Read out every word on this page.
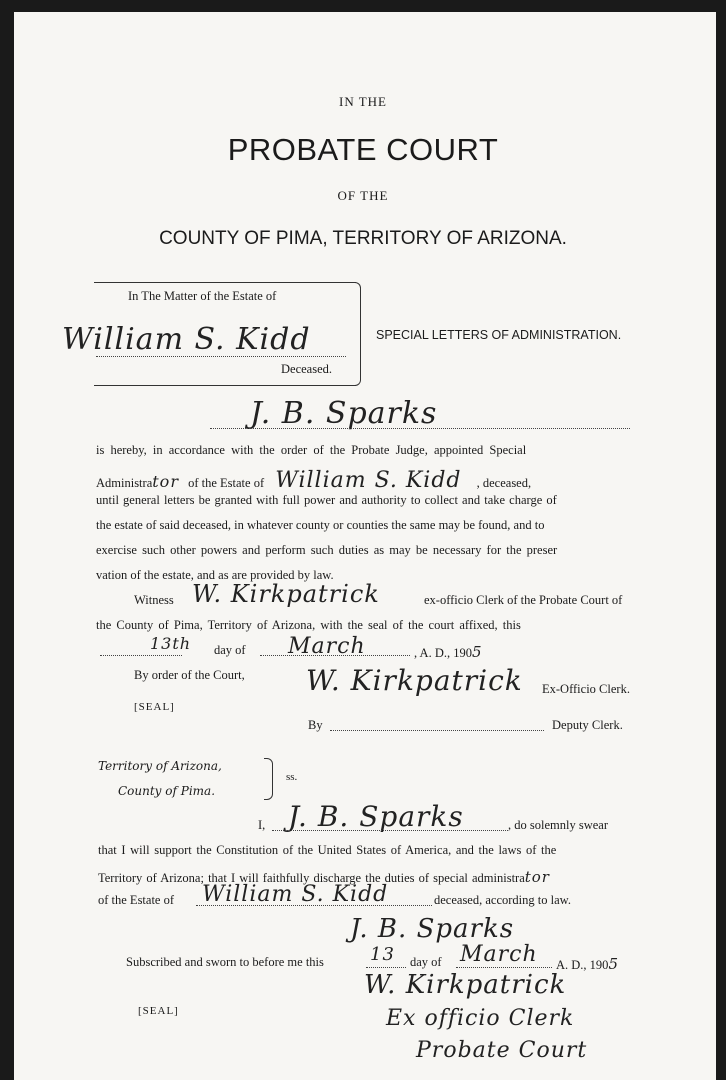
IN THE
PROBATE COURT
OF THE
COUNTY OF PIMA, TERRITORY OF ARIZONA.
In The Matter of the Estate of
William S. Kidd
Deceased.
SPECIAL LETTERS OF ADMINISTRATION.
J. B. Sparks
is hereby, in accordance with the order of the Probate Judge, appointed Special
Administrator of the Estate of William S. Kidd , deceased,
until general letters be granted with full power and authority to collect and take charge of
the estate of said deceased, in whatever county or counties the same may be found, and to
exercise such other powers and perform such duties as may be necessary for the preser
vation of the estate, and as are provided by law.
Witness W. Kirkpatrick	ex-officio Clerk of the Probate Court of
the County of Pima, Territory of Arizona, with the seal of the court affixed, this
13th day of March	, A. D., 1905
By order of the Court, W. Kirkpatrick Ex-Officio Clerk.
[SEAL]
By	Deputy Clerk.
Territory of Arizona,
County of Pima.
ss.
I, J. B. Sparks	, do solemnly swear
that I will support the Constitution of the United States of America, and the laws of the
Territory of Arizona; that I will faithfully discharge the duties of special administrator
of the Estate of William S. Kidd	deceased, according to law.
J. B. Sparks
Subscribed and sworn to before me this	13 day of March A. D., 1905
W. Kirkpatrick
[SEAL]	Ex officio Clerk
Probate Court
